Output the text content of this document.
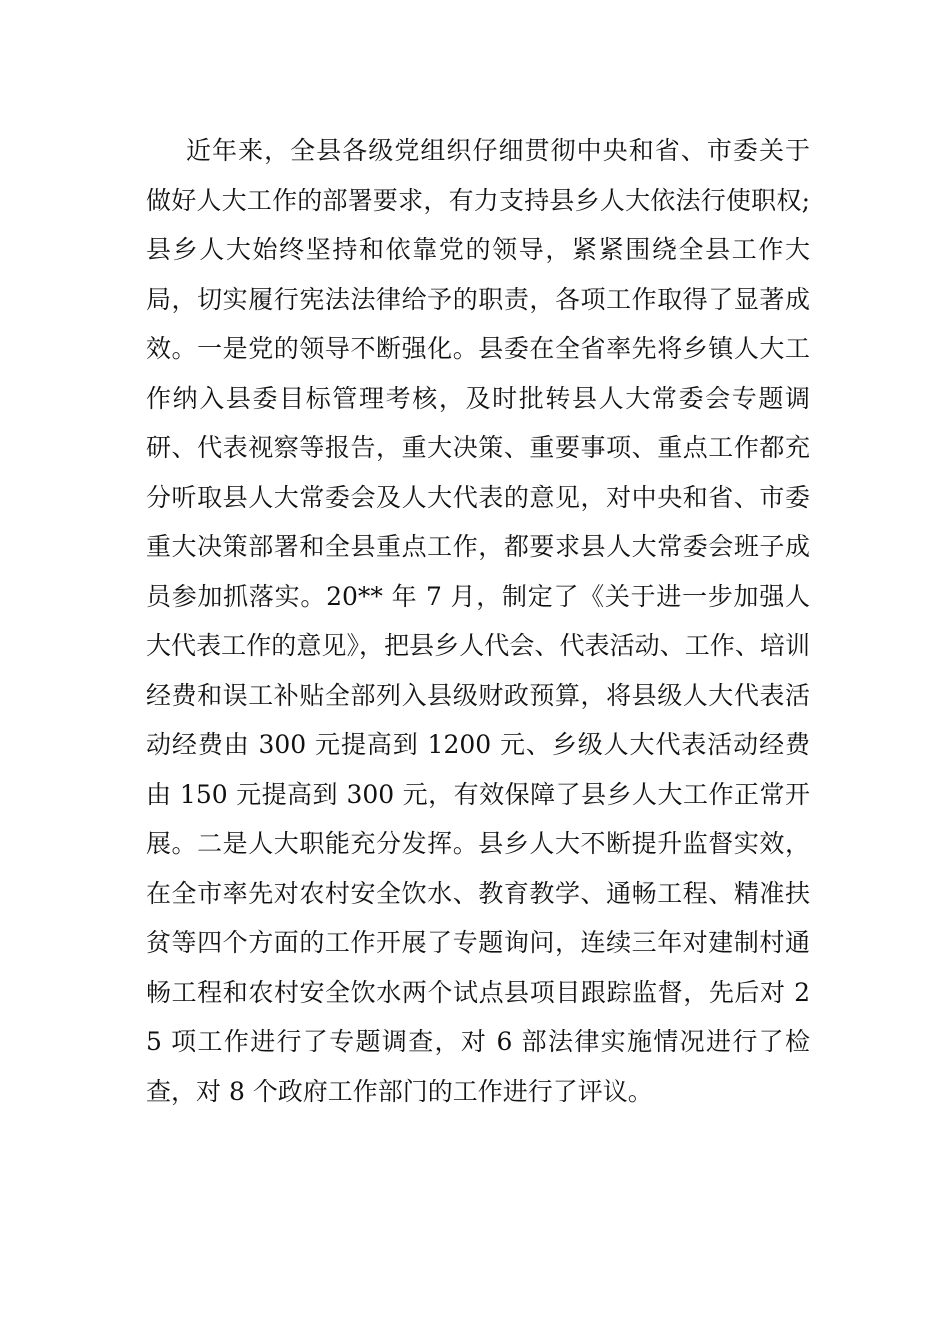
近年来，全县各级党组织仔细贯彻中央和省、市委关于做好人大工作的部署要求，有力支持县乡人大依法行使职权;县乡人大始终坚持和依靠党的领导，紧紧围绕全县工作大局，切实履行宪法法律给予的职责，各项工作取得了显著成效。一是党的领导不断强化。县委在全省率先将乡镇人大工作纳入县委目标管理考核，及时批转县人大常委会专题调研、代表视察等报告，重大决策、重要事项、重点工作都充分听取县人大常委会及人大代表的意见，对中央和省、市委重大决策部署和全县重点工作，都要求县人大常委会班子成员参加抓落实。20** 年 7 月，制定了《关于进一步加强人大代表工作的意见》，把县乡人代会、代表活动、工作、培训经费和误工补贴全部列入县级财政预算，将县级人大代表活动经费由 300 元提高到 1200 元、乡级人大代表活动经费由 150 元提高到 300 元，有效保障了县乡人大工作正常开展。二是人大职能充分发挥。县乡人大不断提升监督实效，在全市率先对农村安全饮水、教育教学、通畅工程、精准扶贫等四个方面的工作开展了专题询问，连续三年对建制村通畅工程和农村安全饮水两个试点县项目跟踪监督，先后对 25 项工作进行了专题调查，对 6 部法律实施情况进行了检查，对 8 个政府工作部门的工作进行了评议。
